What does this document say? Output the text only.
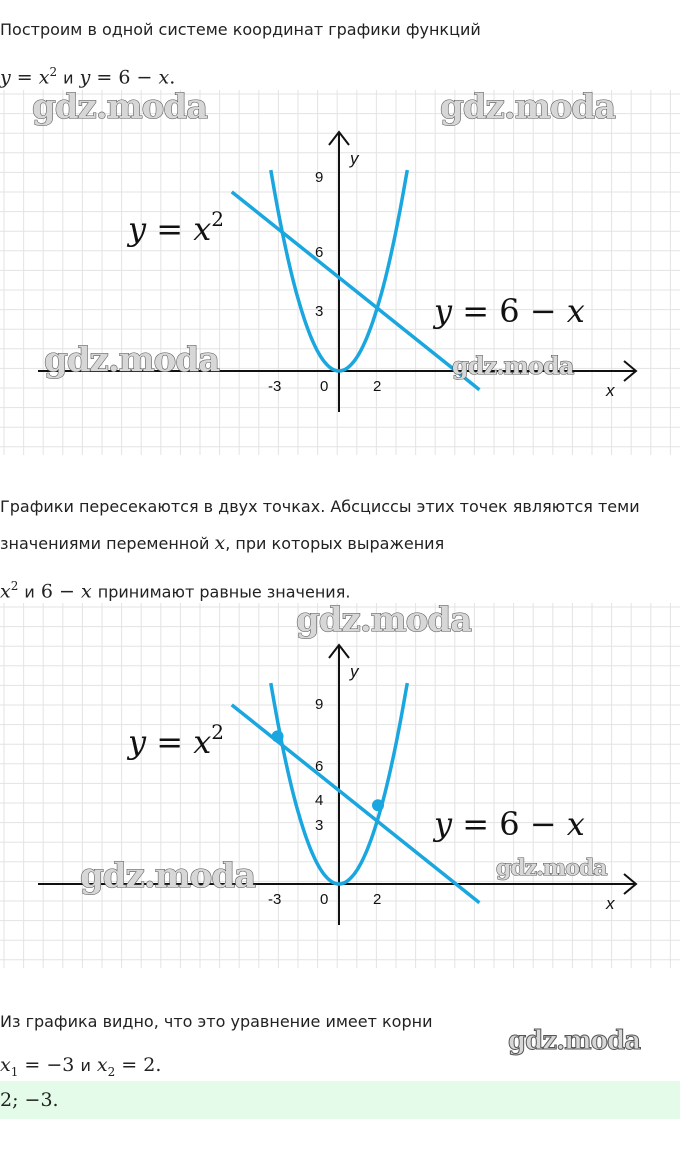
Построим в одной системе координат графики функций
$y = x^2$ и y = 6 − x.
y
x
9
6
3
-3	0	2
$y = x^2$
y = 6 − x
gdz.moda	gdz.moda
gdz.moda	gdz.moda
Графики пересекаются в двух точках. Абсциссы этих точек являются теми
значениями переменной x, при которых выражения
$x^2$ и 6 − x принимают равные значения.
y
x
9
6
4
3
-3	0	2
$y = x^2$
y = 6 − x
gdz.moda
gdz.moda	gdz.moda
Из графика видно, что это уравнение имеет корни
gdz.moda
$x_1 = -3$ и $x_2 = 2$.
2; −3.
